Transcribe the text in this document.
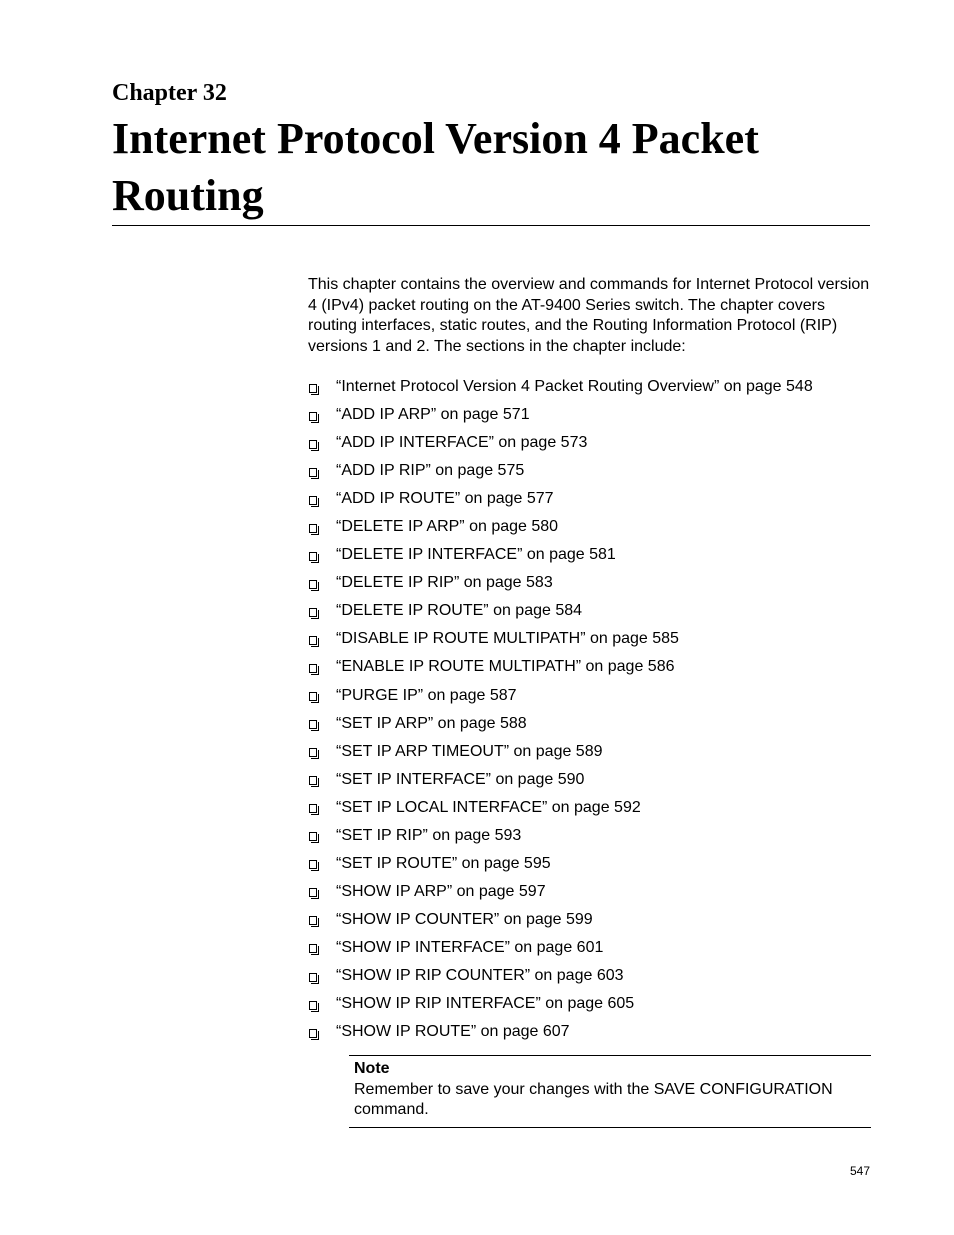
Chapter 32
Internet Protocol Version 4 Packet Routing

This chapter contains the overview and commands for Internet Protocol version 4 (IPv4) packet routing on the AT-9400 Series switch. The chapter covers routing interfaces, static routes, and the Routing Information Protocol (RIP) versions 1 and 2. The sections in the chapter include:

“Internet Protocol Version 4 Packet Routing Overview” on page 548
“ADD IP ARP” on page 571
“ADD IP INTERFACE” on page 573
“ADD IP RIP” on page 575
“ADD IP ROUTE” on page 577
“DELETE IP ARP” on page 580
“DELETE IP INTERFACE” on page 581
“DELETE IP RIP” on page 583
“DELETE IP ROUTE” on page 584
“DISABLE IP ROUTE MULTIPATH” on page 585
“ENABLE IP ROUTE MULTIPATH” on page 586
“PURGE IP” on page 587
“SET IP ARP” on page 588
“SET IP ARP TIMEOUT” on page 589
“SET IP INTERFACE” on page 590
“SET IP LOCAL INTERFACE” on page 592
“SET IP RIP” on page 593
“SET IP ROUTE” on page 595
“SHOW IP ARP” on page 597
“SHOW IP COUNTER” on page 599
“SHOW IP INTERFACE” on page 601
“SHOW IP RIP COUNTER” on page 603
“SHOW IP RIP INTERFACE” on page 605
“SHOW IP ROUTE” on page 607
Note
Remember to save your changes with the SAVE CONFIGURATION command.
547
